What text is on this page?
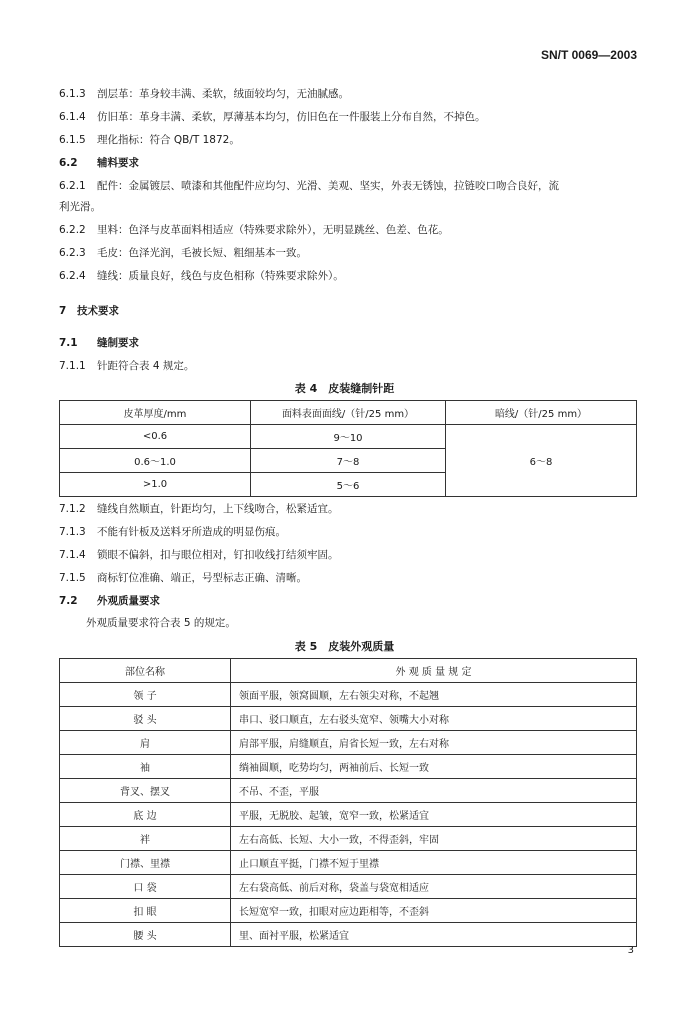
SN/T 0069—2003
6.1.3 剖层革：革身较丰满、柔软，绒面较均匀，无油腻感。
6.1.4 仿旧革：革身丰满、柔软，厚薄基本均匀，仿旧色在一件服装上分布自然，不掉色。
6.1.5 理化指标：符合 QB/T 1872。
6.2 辅料要求
6.2.1 配件：金属镀层、喷漆和其他配件应均匀、光滑、美观、坚实，外表无锈蚀，拉链咬口吻合良好，流
利光滑。
6.2.2 里料：色泽与皮革面料相适应（特殊要求除外），无明显跳丝、色差、色花。
6.2.3 毛皮：色泽光润，毛被长短、粗细基本一致。
6.2.4 缝线：质量良好，线色与皮色相称（特殊要求除外）。
7 技术要求
7.1 缝制要求
7.1.1 针距符合表 4 规定。
表 4　皮装缝制针距
皮革厚度/mm	面料表面面线/（针/25 mm）	暗线/（针/25 mm）
<0.6	9～10	6～8
0.6～1.0	7～8	
>1.0	5～6	
7.1.2 缝线自然顺直，针距均匀，上下线吻合，松紧适宜。
7.1.3 不能有针板及送料牙所造成的明显伤痕。
7.1.4 锁眼不偏斜，扣与眼位相对，钉扣收线打结须牢固。
7.1.5 商标钉位准确、端正，号型标志正确、清晰。
7.2 外观质量要求
外观质量要求符合表 5 的规定。
表 5　皮装外观质量
部位名称	外 观 质 量 规 定
领 子	领面平服，领窝圆顺，左右领尖对称，不起翘
驳 头	串口、驳口顺直，左右驳头宽窄、领嘴大小对称
肩	肩部平服，肩缝顺直，肩省长短一致，左右对称
袖	绱袖圆顺，吃势均匀，两袖前后、长短一致
背叉、摆叉	不吊、不歪，平服
底 边	平服，无脱胶、起皱，宽窄一致，松紧适宜
袢	左右高低、长短、大小一致，不得歪斜，牢固
门襟、里襟	止口顺直平挺，门襟不短于里襟
口 袋	左右袋高低、前后对称，袋盖与袋宽相适应
扣 眼	长短宽窄一致，扣眼对应边距相等，不歪斜
腰 头	里、面衬平服，松紧适宜
3
